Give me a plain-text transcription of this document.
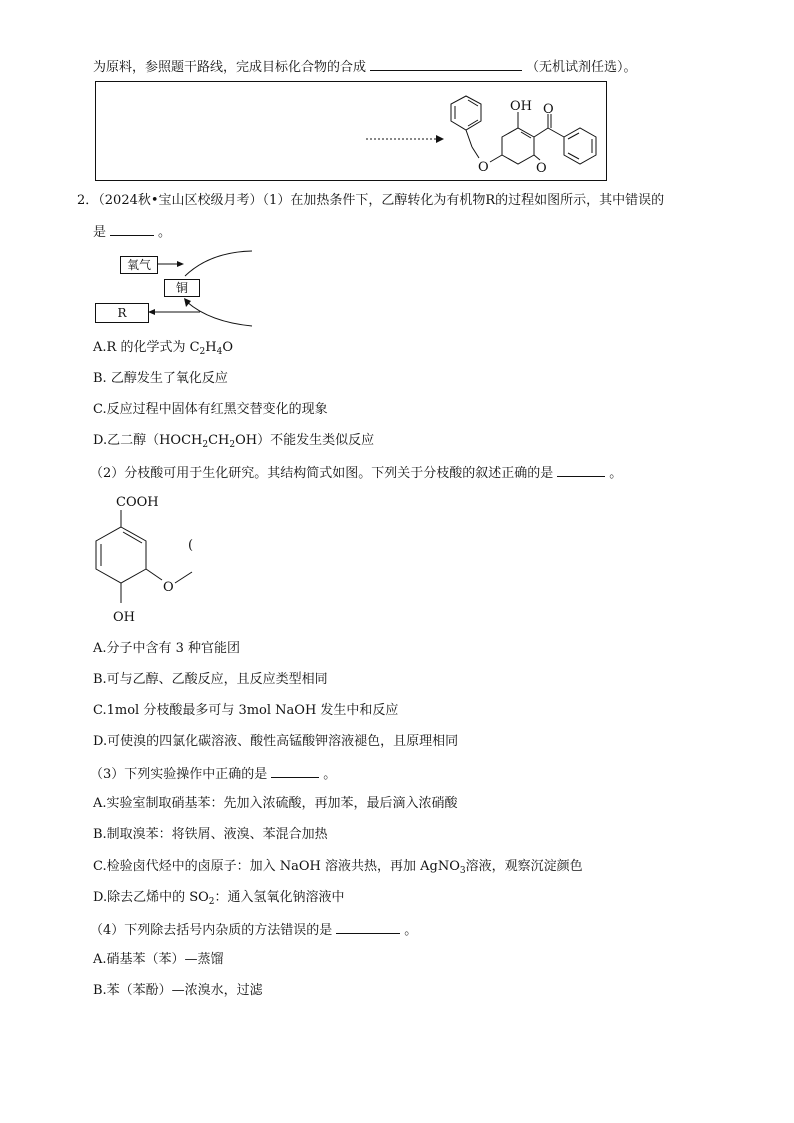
为原料，参照题干路线，完成目标化合物的合成	（无机试剂任选）。
O
OH
O
O
2．（2024秋•宝山区校级月考）（1）在加热条件下，乙醇转化为有机物R的过程如图所示，其中错误的
是	。
氧气
铜
R
A.R 的化学式为 $C_2H_4O$
B. 乙醇发生了氧化反应
C.反应过程中固体有红黑交替变化的现象
D.乙二醇$(HOCH_2CH_2OH)$不能发生类似反应
（2）分枝酸可用于生化研究。其结构简式如图。下列关于分枝酸的叙述正确的是	。
COOH
O
(
OH
A.分子中含有 3 种官能团
B.可与乙醇、乙酸反应，且反应类型相同
C.1mol 分枝酸最多可与 3mol NaOH 发生中和反应
D.可使溴的四氯化碳溶液、酸性高锰酸钾溶液褪色，且原理相同
（3）下列实验操作中正确的是	。
A.实验室制取硝基苯：先加入浓硫酸，再加苯，最后滴入浓硝酸
B.制取溴苯：将铁屑、液溴、苯混合加热
C.检验卤代烃中的卤原子：加入 NaOH 溶液共热，再加 AgNO$_3$溶液，观察沉淀颜色
D.除去乙烯中的 $SO_2$：通入氢氧化钠溶液中
（4）下列除去括号内杂质的方法错误的是	。
A.硝基苯（苯）—蒸馏
B.苯（苯酚）—浓溴水，过滤
